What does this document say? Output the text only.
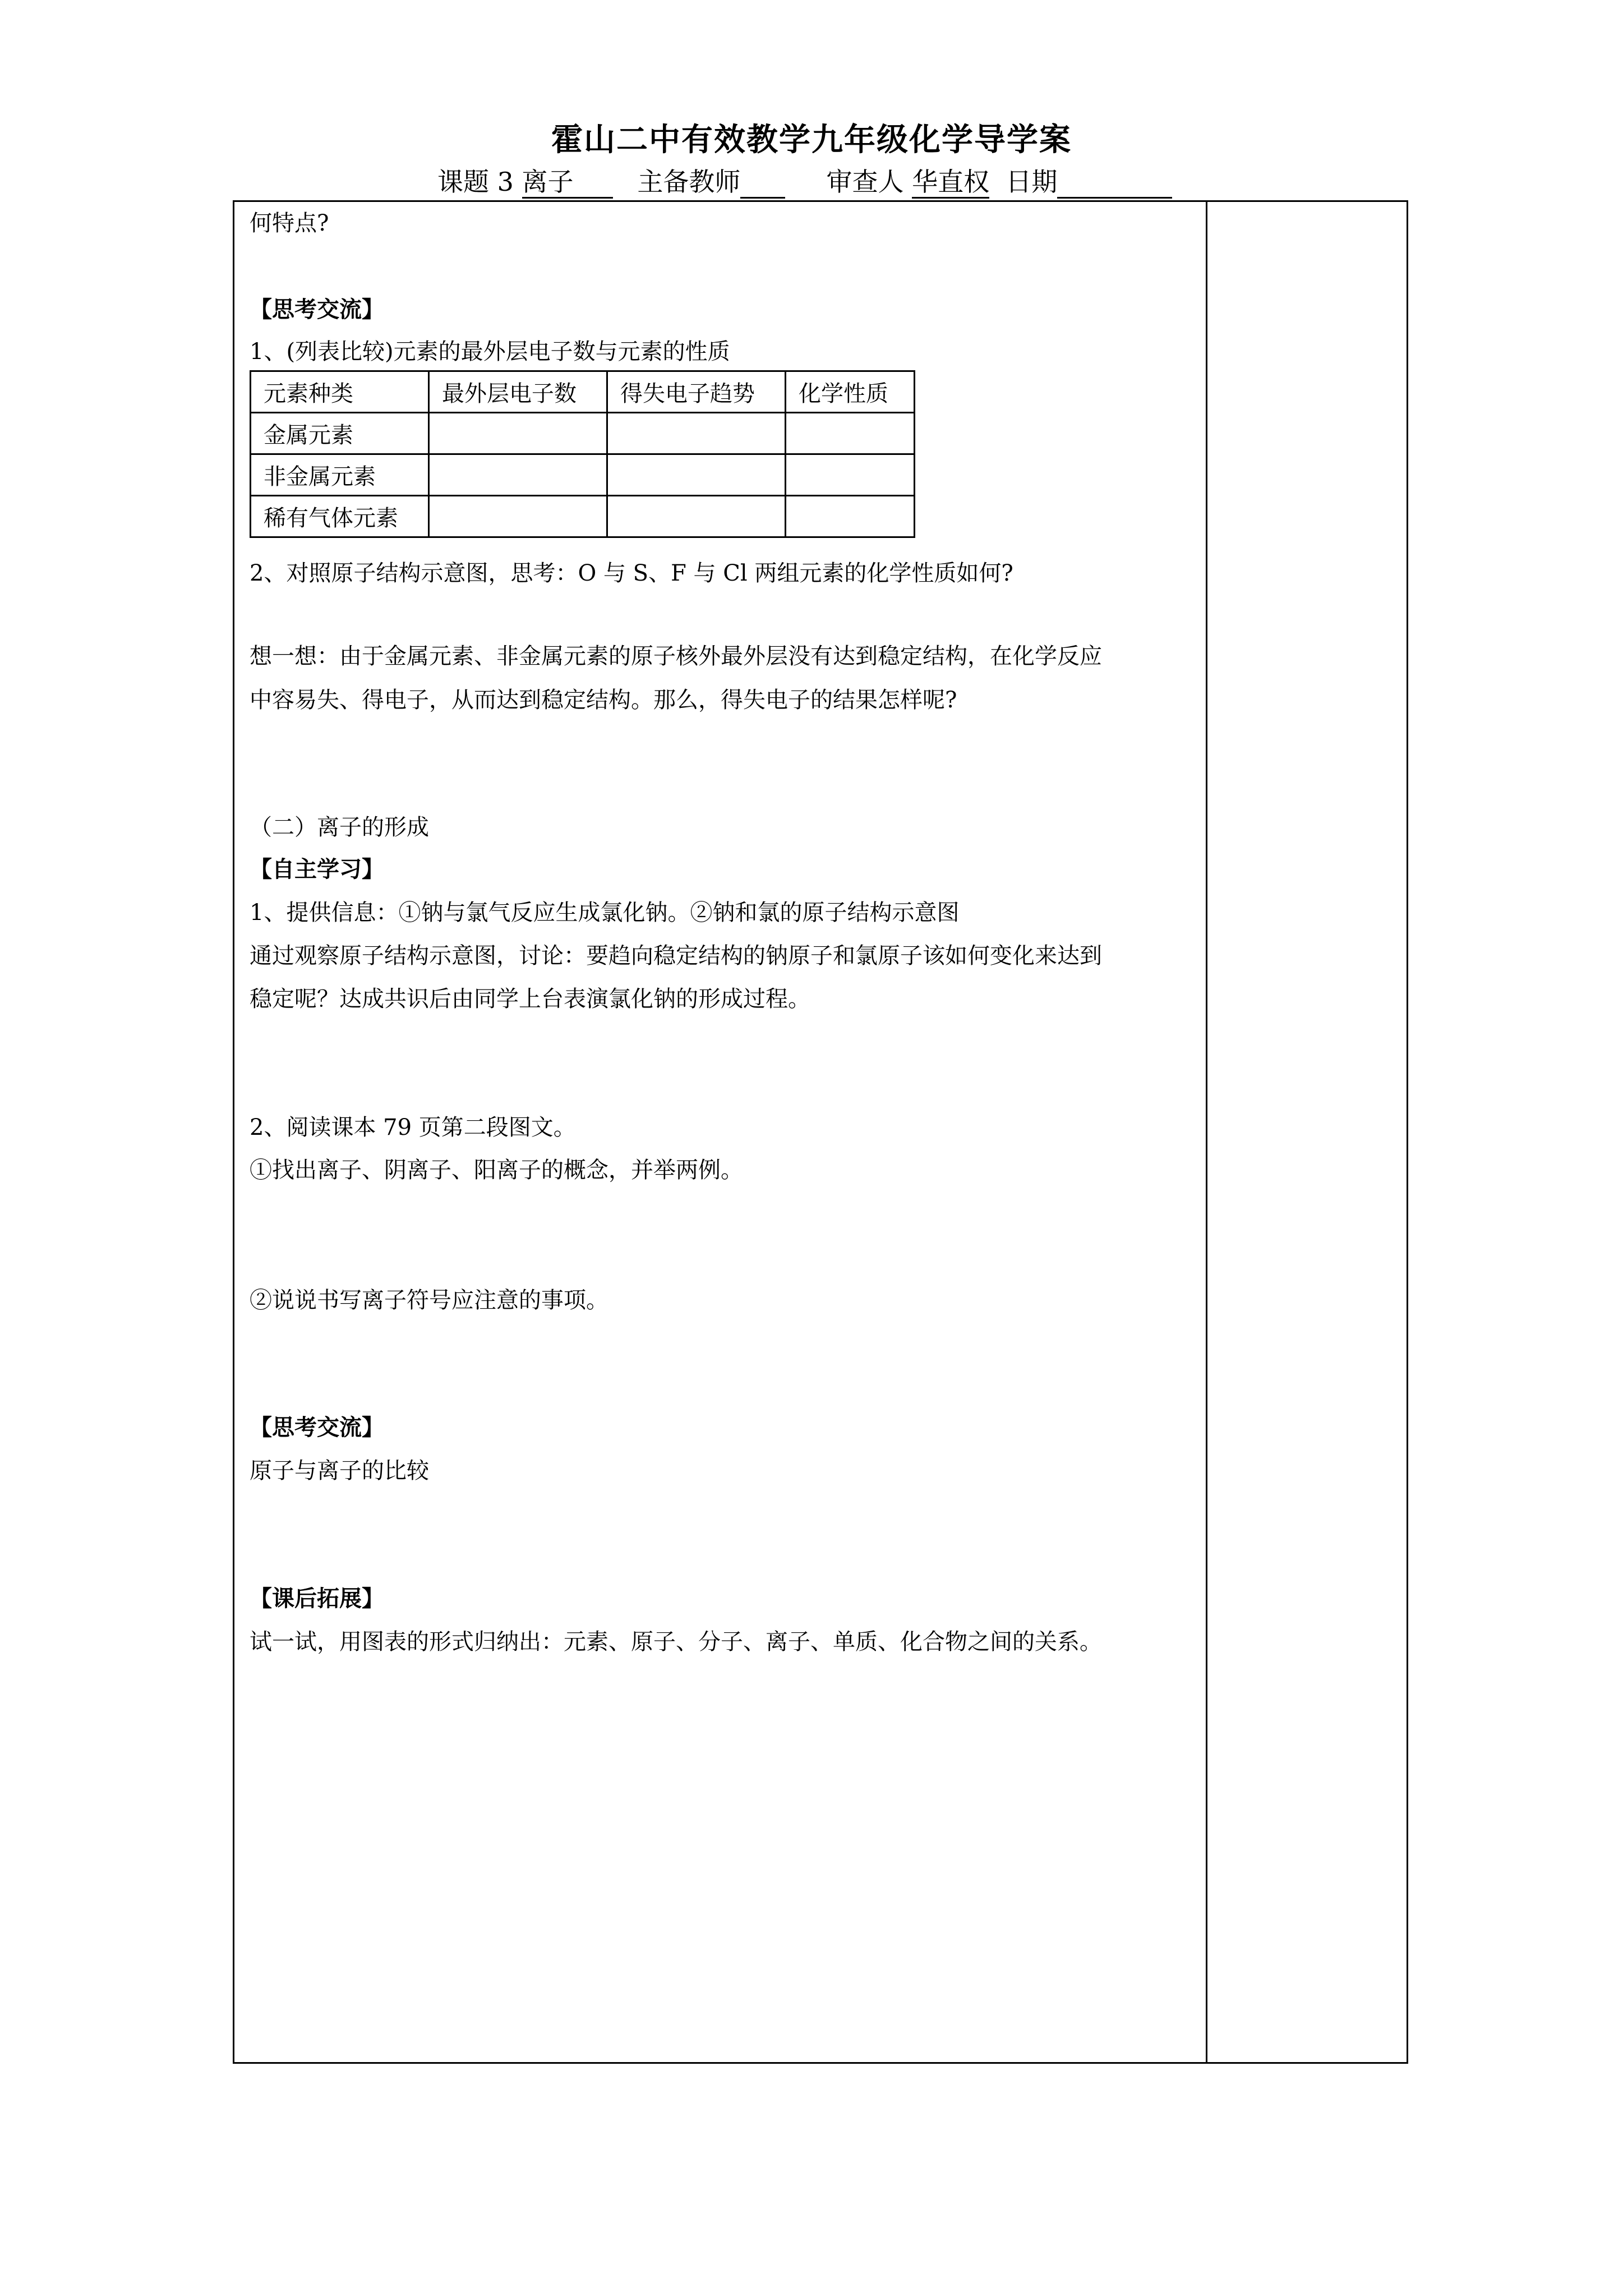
霍山二中有效教学九年级化学导学案
课题 3 离子 主备教师	审查人 华直权 日期
何特点?
【思考交流】
1、(列表比较)元素的最外层电子数与元素的性质
元素种类	最外层电子数	得失电子趋势	化学性质
金属元素			
非金属元素			
稀有气体元素			
2、对照原子结构示意图，思考：O 与 S、F 与 Cl 两组元素的化学性质如何?
想一想：由于金属元素、非金属元素的原子核外最外层没有达到稳定结构，在化学反应
中容易失、得电子，从而达到稳定结构。那么，得失电子的结果怎样呢?
（二）离子的形成
【自主学习】
1、提供信息：①钠与氯气反应生成氯化钠。②钠和氯的原子结构示意图
通过观察原子结构示意图，讨论：要趋向稳定结构的钠原子和氯原子该如何变化来达到
稳定呢？达成共识后由同学上台表演氯化钠的形成过程。
2、阅读课本 79 页第二段图文。
①找出离子、阴离子、阳离子的概念，并举两例。
②说说书写离子符号应注意的事项。
【思考交流】
原子与离子的比较
【课后拓展】
试一试，用图表的形式归纳出：元素、原子、分子、离子、单质、化合物之间的关系。
